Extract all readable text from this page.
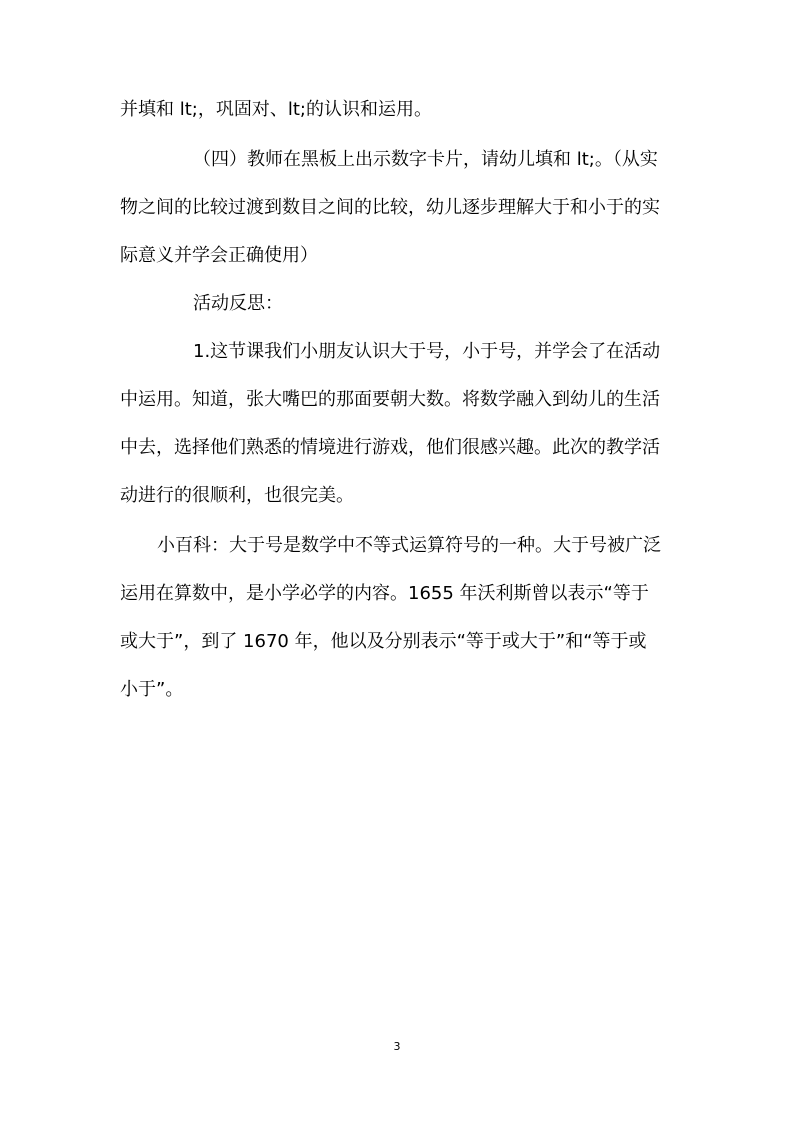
并填和 lt;，巩固对、lt;的认识和运用。
（四）教师在黑板上出示数字卡片，请幼儿填和 lt;。（从实
物之间的比较过渡到数目之间的比较，幼儿逐步理解大于和小于的实
际意义并学会正确使用）
活动反思：
1.这节课我们小朋友认识大于号，小于号，并学会了在活动
中运用。知道，张大嘴巴的那面要朝大数。将数学融入到幼儿的生活
中去，选择他们熟悉的情境进行游戏，他们很感兴趣。此次的教学活
动进行的很顺利，也很完美。
小百科：大于号是数学中不等式运算符号的一种。大于号被广泛
运用在算数中，是小学必学的内容。1655 年沃利斯曾以表示“等于
或大于”，到了 1670 年，他以及分别表示“等于或大于”和“等于或
小于”。
3
